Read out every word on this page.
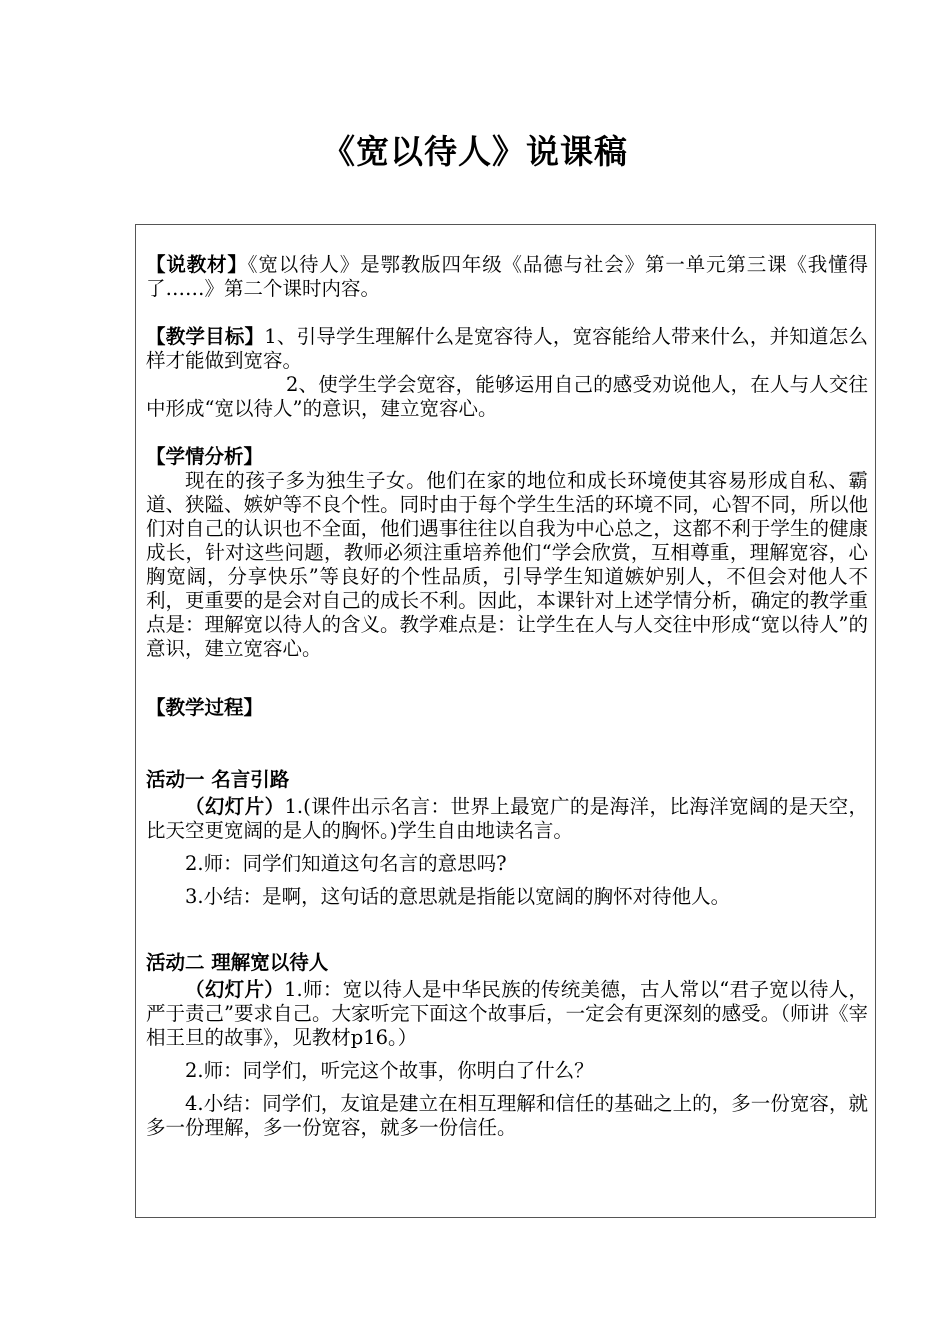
《宽以待人》说课稿

【说教材】《宽以待人》是鄂教版四年级《品德与社会》第一单元第三课《我懂得了……》第二个课时内容。

【教学目标】1、引导学生理解什么是宽容待人，宽容能给人带来什么，并知道怎么样才能做到宽容。

2、使学生学会宽容，能够运用自己的感受劝说他人，在人与人交往中形成“宽以待人”的意识，建立宽容心。

【学情分析】

现在的孩子多为独生子女。他们在家的地位和成长环境使其容易形成自私、霸道、狭隘、嫉妒等不良个性。同时由于每个学生生活的环境不同，心智不同，所以他们对自己的认识也不全面，他们遇事往往以自我为中心总之，这都不利于学生的健康成长，针对这些问题，教师必须注重培养他们“学会欣赏，互相尊重，理解宽容，心胸宽阔，分享快乐”等良好的个性品质，引导学生知道嫉妒别人，不但会对他人不利，更重要的是会对自己的成长不利。因此，本课针对上述学情分析，确定的教学重点是：理解宽以待人的含义。教学难点是：让学生在人与人交往中形成“宽以待人”的意识，建立宽容心。

【教学过程】

活动一 名言引路

（幻灯片）1.(课件出示名言：世界上最宽广的是海洋，比海洋宽阔的是天空，比天空更宽阔的是人的胸怀。)学生自由地读名言。

2.师：同学们知道这句名言的意思吗?

3.小结：是啊，这句话的意思就是指能以宽阔的胸怀对待他人。

活动二 理解宽以待人

（幻灯片）1.师：宽以待人是中华民族的传统美德，古人常以“君子宽以待人，严于责己”要求自己。大家听完下面这个故事后，一定会有更深刻的感受。（师讲《宰相王旦的故事》，见教材p16。）

2.师：同学们，听完这个故事，你明白了什么？

4.小结：同学们，友谊是建立在相互理解和信任的基础之上的，多一份宽容，就多一份理解，多一份宽容，就多一份信任。
